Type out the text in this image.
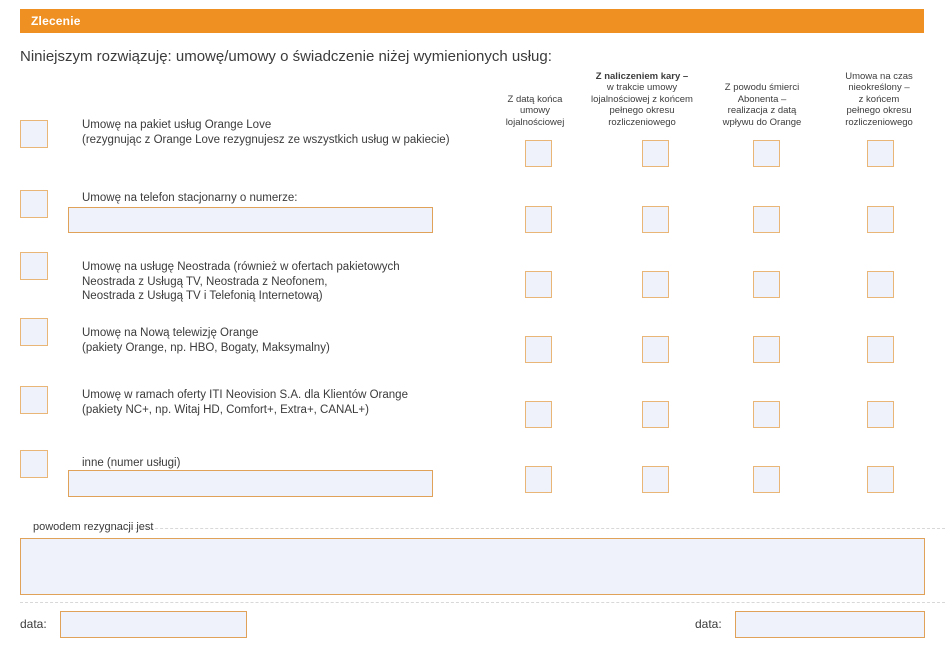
Zlecenie
Niniejszym rozwiązuję: umowę/umowy o świadczenie niżej wymienionych usług:
Z datą końca
umowy
lojalnościowej
Z naliczeniem kary –
w trakcie umowy
lojalnościowej z końcem
pełnego okresu
rozliczeniowego
Z powodu śmierci
Abonenta –
realizacja z datą
wpływu do Orange
Umowa na czas
nieokreślony –
z końcem
pełnego okresu
rozliczeniowego
Umowę na pakiet usług Orange Love
(rezygnując z Orange Love rezygnujesz ze wszystkich usług w pakiecie)
Umowę na telefon stacjonarny o numerze:
Umowę na usługę Neostrada (również w ofertach pakietowych
Neostrada z Usługą TV, Neostrada z Neofonem,
Neostrada z Usługą TV i Telefonią Internetową)
Umowę na Nową telewizję Orange
(pakiety Orange, np. HBO, Bogaty, Maksymalny)
Umowę w ramach oferty ITI Neovision S.A. dla Klientów Orange
(pakiety NC+, np. Witaj HD, Comfort+, Extra+, CANAL+)
inne (numer usługi)
powodem rezygnacji jest
data:	data:
